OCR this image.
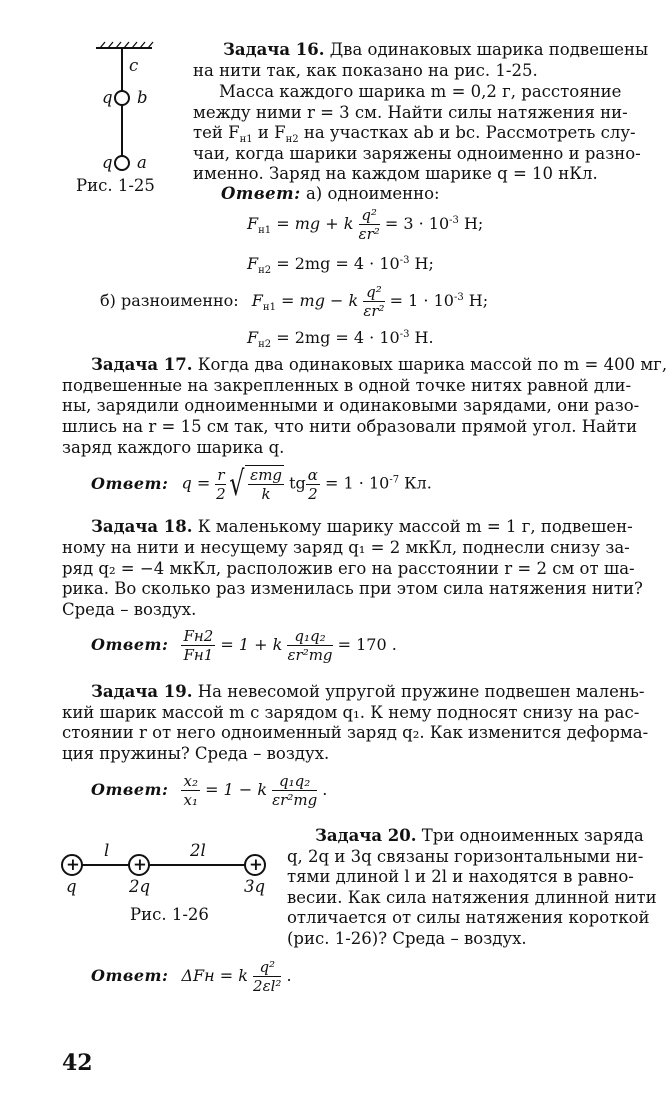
c
b
q
a
q
Рис. 1-25
Задача 16. Два одинаковых шарика подвешены
на нити так, как показано на рис. 1-25.
Масса каждого шарика m = 0,2 г, расстояние
между ними r = 3 см. Найти силы натяжения ни-
тей $F_{н1}$ и $F_{н2}$ на участках ab и bc. Рассмотреть слу-
чаи, когда шарики заряжены одноименно и разно-
именно. Заряд на каждом шарике q = 10 нКл.
Ответ: а) одноименно:
$F_{н1}$ = mg + k $\frac{\text{q²}}{\text{εr²}} = 3 \cdot 10^{-3}$ Н;
$F_{н2} = 2mg = 4 \cdot 10^{-3}$ Н;
б) разноименно: $F_{н1}$ = mg − k $\frac{\text{q²}}{\text{εr²}} = 1 \cdot 10^{-3}$ Н;
$F_{н2} = 2mg = 4 \cdot 10^{-3}$ Н.
Задача 17. Когда два одинаковых шарика массой по m = 400 мг,
подвешенные на закрепленных в одной точке нитях равной дли-
ны, зарядили одноименными и одинаковыми зарядами, они разо-
шлись на r = 15 см так, что нити образовали прямой угол. Найти
заряд каждого шарика q.
Ответ: $q = \frac{r}{2}$ √ $\frac{\text{εmg}}{k}$ tg $\frac{\alpha}{2} = 1 \cdot 10^{-7}$ Кл.
Задача 18. К маленькому шарику массой m = 1 г, подвешен-
ному на нити и несущему заряд q₁ = 2 мкКл, поднесли снизу за-
ряд q₂ = −4 мкКл, расположив его на расстоянии r = 2 см от ша-
рика. Во сколько раз изменилась при этом сила натяжения нити?
Среда – воздух.
Ответ: $\frac{Fн2}{Fн1} = 1 + k \frac{\text{q₁q₂}}{\text{εr²mg}} = 170$ .
Задача 19. На невесомой упругой пружине подвешен малень-
кий шарик массой m с зарядом q₁. К нему подносят снизу на рас-
стоянии r от него одноименный заряд q₂. Как изменится деформа-
ция пружины? Среда – воздух.
Ответ: $\frac{\text{x₂}}{\text{x₁}} = 1 - k \frac{\text{q₁q₂}}{\text{εr²mg}}$ .
+	+	+
l	2l
q	2q	3q
Рис. 1-26
Задача 20. Три одноименных заряда
q, 2q и 3q связаны горизонтальными ни-
тями длиной l и 2l и находятся в равно-
весии. Как сила натяжения длинной нити
отличается от силы натяжения короткой
(рис. 1-26)? Среда – воздух.
Ответ: ΔFн = k $\frac{\text{q²}}{\text{2εl²}}$ .
42
